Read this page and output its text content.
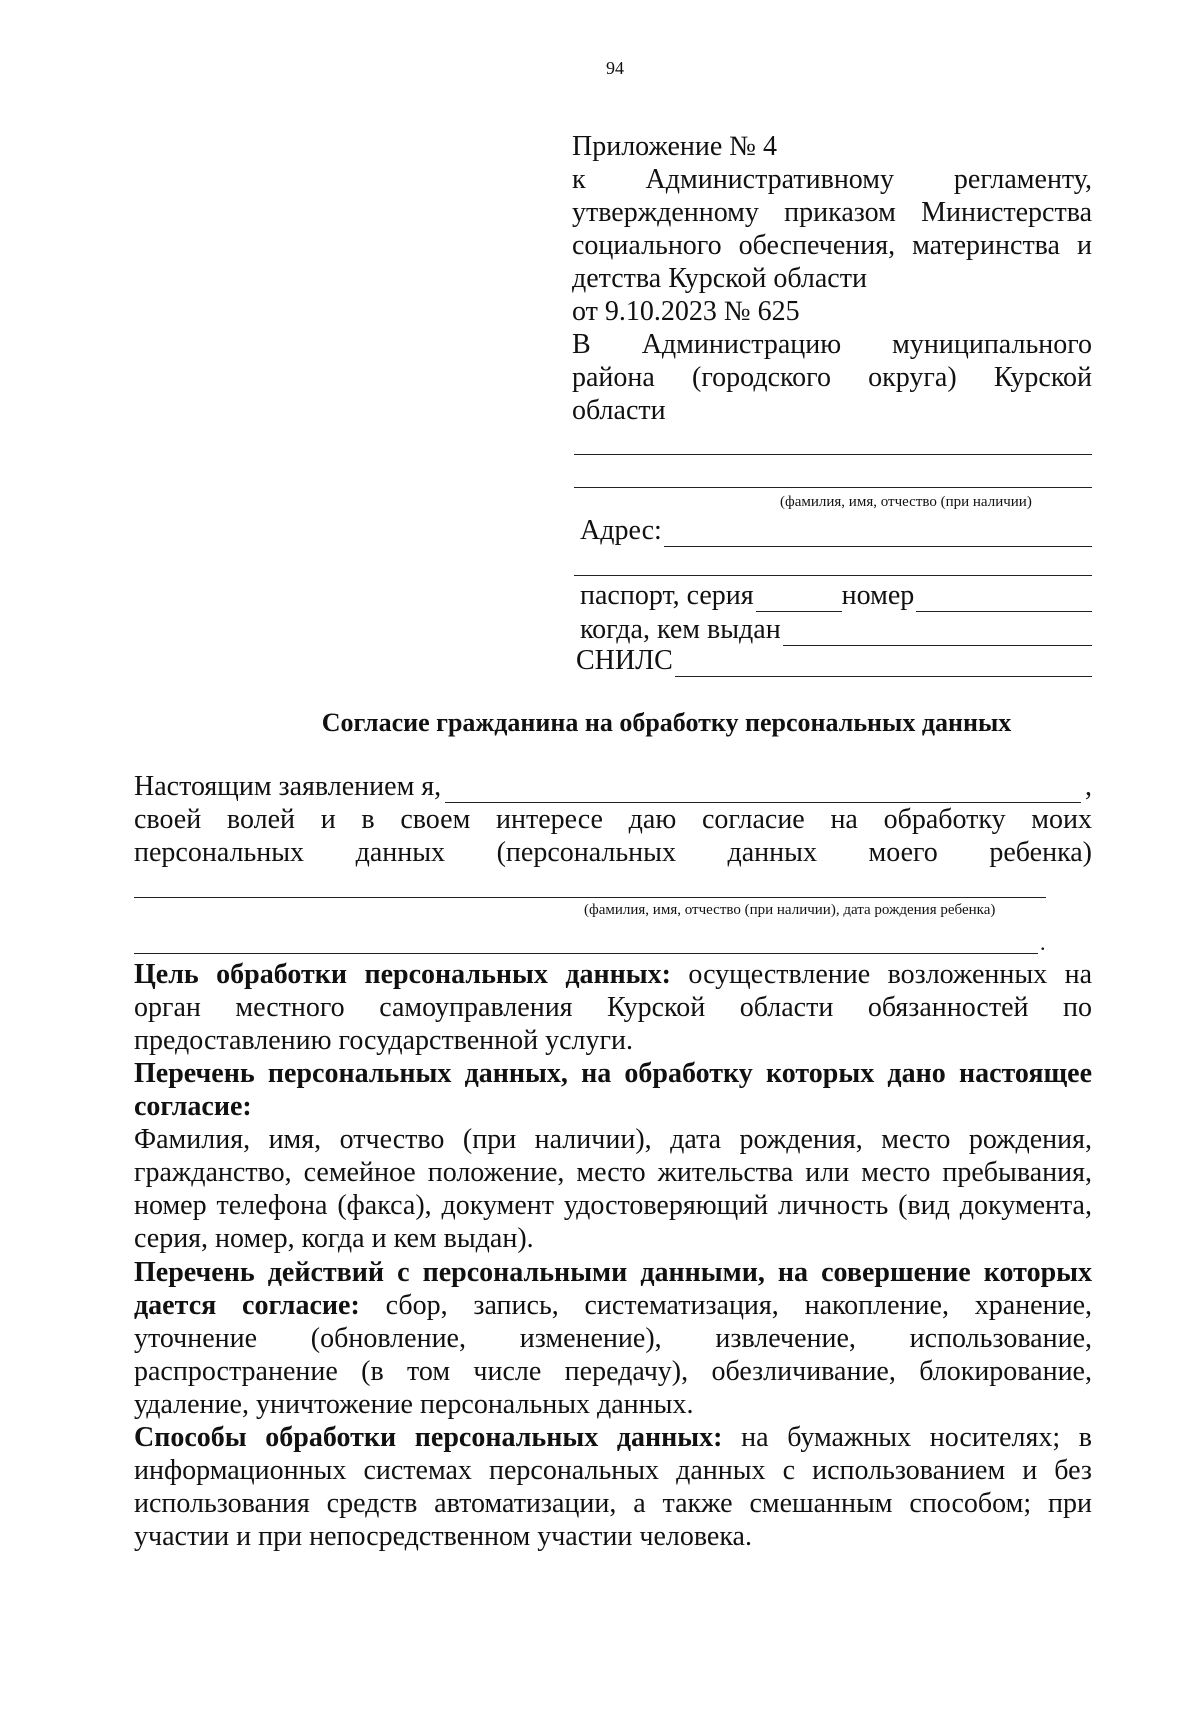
94
Приложение № 4
к Административному регламенту,
утвержденному приказом Министерства
социального обеспечения, материнства и
детства Курской области
от 9.10.2023 № 625
В Администрацию муниципального
района (городского округа) Курской
области
(фамилия, имя, отчество (при наличии)
Адрес:
паспорт, серия	номер
когда, кем выдан
СНИЛС
Согласие гражданина на обработку персональных данных
Настоящим заявлением я,	,
своей волей и в своем интересе даю согласие на обработку моих
персональных данных (персональных данных моего ребенка)
(фамилия, имя, отчество (при наличии), дата рождения ребенка)
.

Цель обработки персональных данных: осуществление возложенных на орган местного самоуправления Курской области обязанностей по предоставлению государственной услуги.

Перечень персональных данных, на обработку которых дано настоящее согласие:

Фамилия, имя, отчество (при наличии), дата рождения, место рождения, гражданство, семейное положение, место жительства или место пребывания, номер телефона (факса), документ удостоверяющий личность (вид документа, серия, номер, когда и кем выдан).

Перечень действий с персональными данными, на совершение которых дается согласие: сбор, запись, систематизация, накопление, хранение, уточнение (обновление, изменение), извлечение, использование, распространение (в том числе передачу), обезличивание, блокирование, удаление, уничтожение персональных данных.

Способы обработки персональных данных: на бумажных носителях; в информационных системах персональных данных с использованием и без использования средств автоматизации, а также смешанным способом; при участии и при непосредственном участии человека.
